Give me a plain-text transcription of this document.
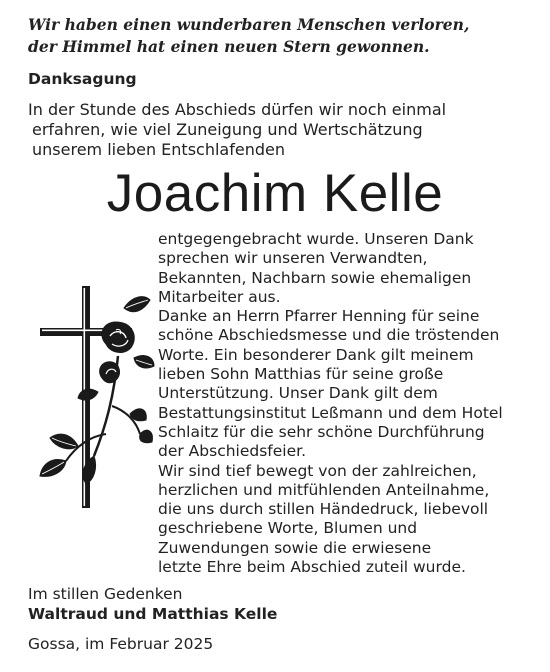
Wir haben einen wunderbaren Menschen verloren,
der Himmel hat einen neuen Stern gewonnen.
Danksagung
In der Stunde des Abschieds dürfen wir noch einmal
erfahren, wie viel Zuneigung und Wertschätzung
unserem lieben Entschlafenden
Joachim Kelle
entgegengebracht wurde. Unseren Dank
sprechen wir unseren Verwandten,
Bekannten, Nachbarn sowie ehemaligen
Mitarbeiter aus.
Danke an Herrn Pfarrer Henning für seine
schöne Abschiedsmesse und die tröstenden
Worte. Ein besonderer Dank gilt meinem
lieben Sohn Matthias für seine große
Unterstützung. Unser Dank gilt dem
Bestattungsinstitut Leßmann und dem Hotel
Schlaitz für die sehr schöne Durchführung
der Abschiedsfeier.
Wir sind tief bewegt von der zahlreichen,
herzlichen und mitfühlenden Anteilnahme,
die uns durch stillen Händedruck, liebevoll
geschriebene Worte, Blumen und
Zuwendungen sowie die erwiesene
letzte Ehre beim Abschied zuteil wurde.
Im stillen Gedenken
Waltraud und Matthias Kelle
Gossa, im Februar 2025
